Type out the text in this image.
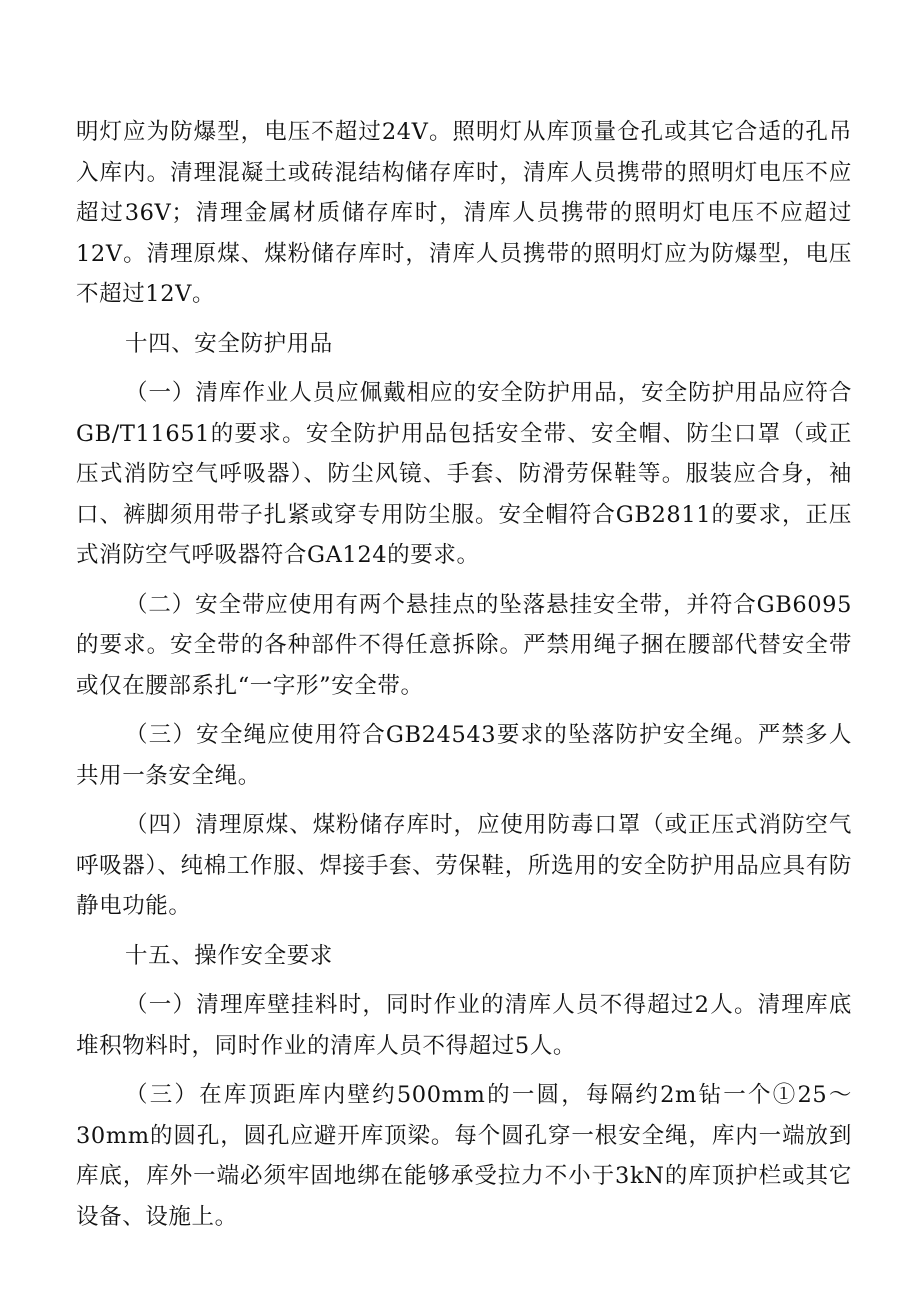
明灯应为防爆型，电压不超过24V。照明灯从库顶量仓孔或其它合适的孔吊入库内。清理混凝土或砖混结构储存库时，清库人员携带的照明灯电压不应超过36V；清理金属材质储存库时，清库人员携带的照明灯电压不应超过12V。清理原煤、煤粉储存库时，清库人员携带的照明灯应为防爆型，电压不超过12V。

十四、安全防护用品

（一）清库作业人员应佩戴相应的安全防护用品，安全防护用品应符合GB/T11651的要求。安全防护用品包括安全带、安全帽、防尘口罩（或正压式消防空气呼吸器）、防尘风镜、手套、防滑劳保鞋等。服装应合身，袖口、裤脚须用带子扎紧或穿专用防尘服。安全帽符合GB2811的要求，正压式消防空气呼吸器符合GA124的要求。

（二）安全带应使用有两个悬挂点的坠落悬挂安全带，并符合GB6095的要求。安全带的各种部件不得任意拆除。严禁用绳子捆在腰部代替安全带或仅在腰部系扎“一字形”安全带。

（三）安全绳应使用符合GB24543要求的坠落防护安全绳。严禁多人共用一条安全绳。

（四）清理原煤、煤粉储存库时，应使用防毒口罩（或正压式消防空气呼吸器）、纯棉工作服、焊接手套、劳保鞋，所选用的安全防护用品应具有防静电功能。

十五、操作安全要求

（一）清理库壁挂料时，同时作业的清库人员不得超过2人。清理库底堆积物料时，同时作业的清库人员不得超过5人。

（三）在库顶距库内壁约500mm的一圆，每隔约2m钻一个①25～30mm的圆孔，圆孔应避开库顶梁。每个圆孔穿一根安全绳，库内一端放到库底，库外一端必须牢固地绑在能够承受拉力不小于3kN的库顶护栏或其它设备、设施上。
